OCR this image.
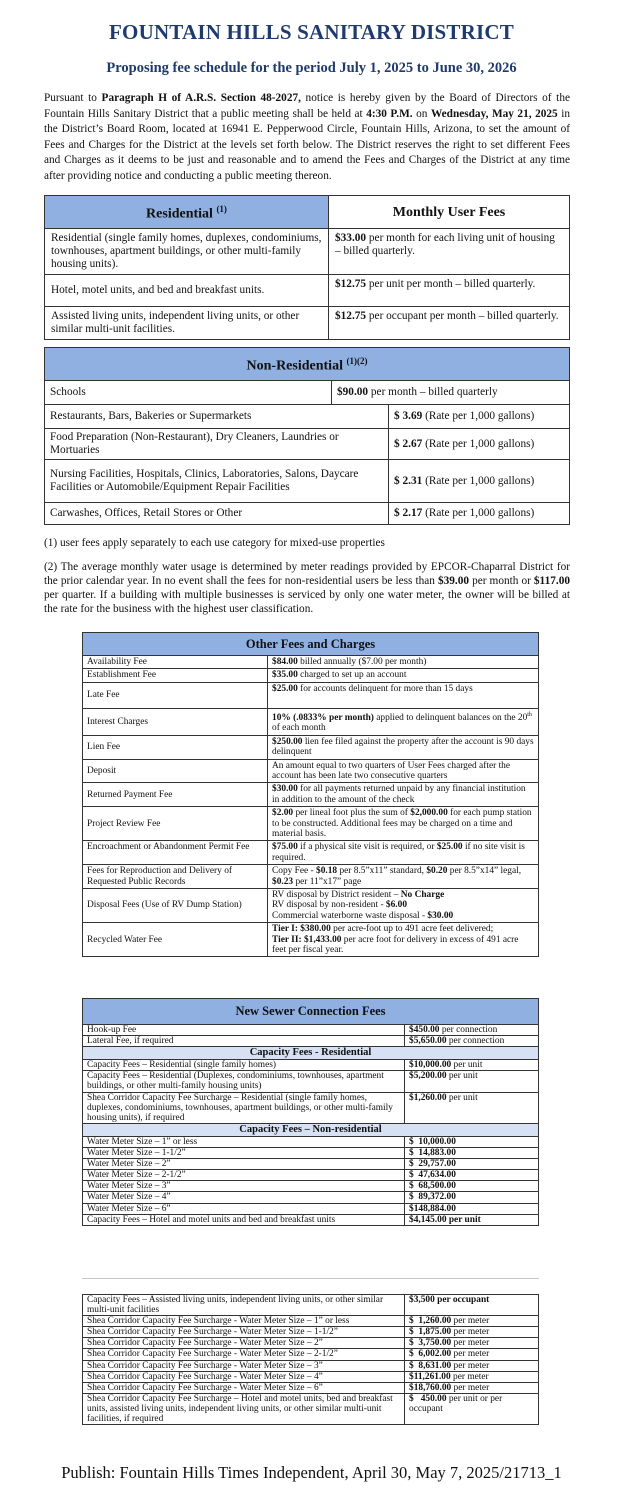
FOUNTAIN HILLS SANITARY DISTRICT
Proposing fee schedule for the period July 1, 2025 to June 30, 2026
Pursuant to Paragraph H of A.R.S. Section 48-2027, notice is hereby given by the Board of Directors of the Fountain Hills Sanitary District that a public meeting shall be held at 4:30 P.M. on Wednesday, May 21, 2025 in the District’s Board Room, located at 16941 E. Pepperwood Circle, Fountain Hills, Arizona, to set the amount of Fees and Charges for the District at the levels set forth below. The District reserves the right to set different Fees and Charges as it deems to be just and reasonable and to amend the Fees and Charges of the District at any time after providing notice and conducting a public meeting thereon.
Residential $^{(1)}$	Monthly User Fees
Residential (single family homes, duplexes, condominiums, townhouses, apartment buildings, or other multi-family housing units).	$33.00 per month for each living unit of housing – billed quarterly.
Hotel, motel units, and bed and breakfast units.	$12.75 per unit per month – billed quarterly.
Assisted living units, independent living units, or other similar multi-unit facilities.	$12.75 per occupant per month – billed quarterly.
Non-Residential $^{(1)(2)}$
Schools	$90.00 per month – billed quarterly	
Restaurants, Bars, Bakeries or Supermarkets		$ 3.69 (Rate per 1,000 gallons)
Food Preparation (Non-Restaurant), Dry Cleaners, Laundries or Mortuaries		$ 2.67 (Rate per 1,000 gallons)
Nursing Facilities, Hospitals, Clinics, Laboratories, Salons, Daycare Facilities or Automobile/Equipment Repair Facilities		$ 2.31 (Rate per 1,000 gallons)
Carwashes, Offices, Retail Stores or Other		$ 2.17 (Rate per 1,000 gallons)
(1) user fees apply separately to each use category for mixed-use properties
(2) The average monthly water usage is determined by meter readings provided by EPCOR-Chaparral District for the prior calendar year. In no event shall the fees for non-residential users be less than $39.00 per month or $117.00 per quarter. If a building with multiple businesses is serviced by only one water meter, the owner will be billed at the rate for the business with the highest user classification.
Other Fees and Charges	
Availability Fee	$84.00 billed annually ($7.00 per month)
Establishment Fee	$35.00 charged to set up an account
Late Fee	$25.00 for accounts delinquent for more than 15 days
Interest Charges	10% (.0833% per month) applied to delinquent balances on the 20th of each month
Lien Fee	$250.00 lien fee filed against the property after the account is 90 days delinquent
Deposit	An amount equal to two quarters of User Fees charged after the account has been late two consecutive quarters
Returned Payment Fee	$30.00 for all payments returned unpaid by any financial institution in addition to the amount of the check
Project Review Fee	$2.00 per lineal foot plus the sum of $2,000.00 for each pump station to be constructed. Additional fees may be charged on a time and material basis.
Encroachment or Abandonment Permit Fee	$75.00 if a physical site visit is required, or $25.00 if no site visit is required.
Fees for Reproduction and Delivery of Requested Public Records	Copy Fee - $0.18 per 8.5”x11” standard, $0.20 per 8.5”x14” legal, $0.23 per 11”x17” page
Disposal Fees (Use of RV Dump Station)	RV disposal by District resident – No Charge
RV disposal by non-resident - $6.00
Commercial waterborne waste disposal - $30.00
Recycled Water Fee	Tier I: $380.00 per acre-foot up to 491 acre feet delivered;
Tier II: $1,433.00 per acre foot for delivery in excess of 491 acre feet per fiscal year.
New Sewer Connection Fees	
Hook-up Fee	$450.00 per connection
Lateral Fee, if required	$5,650.00 per connection
Capacity Fees - Residential	
Capacity Fees – Residential (single family homes)	$10,000.00 per unit
Capacity Fees – Residential (Duplexes, condominiums, townhouses, apartment buildings, or other multi-family housing units)	$5,200.00 per unit
Shea Corridor Capacity Fee Surcharge – Residential (single family homes, duplexes, condominiums, townhouses, apartment buildings, or other multi-family housing units), if required	$1,260.00 per unit
Capacity Fees – Non-residential	
Water Meter Size – 1” or less	$  10,000.00
Water Meter Size – 1-1/2”	$  14,883.00
Water Meter Size – 2”	$  29,757.00
Water Meter Size – 2-1/2”	$  47,634.00
Water Meter Size – 3”	$  68,500.00
Water Meter Size – 4”	$  89,372.00
Water Meter Size – 6”	$148,884.00
Capacity Fees – Hotel and motel units and bed and breakfast units	$4,145.00 per unit
Capacity Fees – Assisted living units, independent living units, or other similar multi-unit facilities	$3,500 per occupant
Shea Corridor Capacity Fee Surcharge - Water Meter Size – 1” or less	$  1,260.00 per meter
Shea Corridor Capacity Fee Surcharge - Water Meter Size – 1-1/2”	$  1,875.00 per meter
Shea Corridor Capacity Fee Surcharge - Water Meter Size – 2”	$  3,750.00 per meter
Shea Corridor Capacity Fee Surcharge - Water Meter Size – 2-1/2”	$  6,002.00 per meter
Shea Corridor Capacity Fee Surcharge - Water Meter Size – 3”	$  8,631.00 per meter
Shea Corridor Capacity Fee Surcharge - Water Meter Size – 4”	$11,261.00 per meter
Shea Corridor Capacity Fee Surcharge - Water Meter Size – 6”	$18,760.00 per meter
Shea Corridor Capacity Fee Surcharge – Hotel and motel units, bed and breakfast units, assisted living units, independent living units, or other similar multi-unit facilities, if required	$   450.00 per unit or per occupant
Publish: Fountain Hills Times Independent, April 30, May 7, 2025/21713_1
